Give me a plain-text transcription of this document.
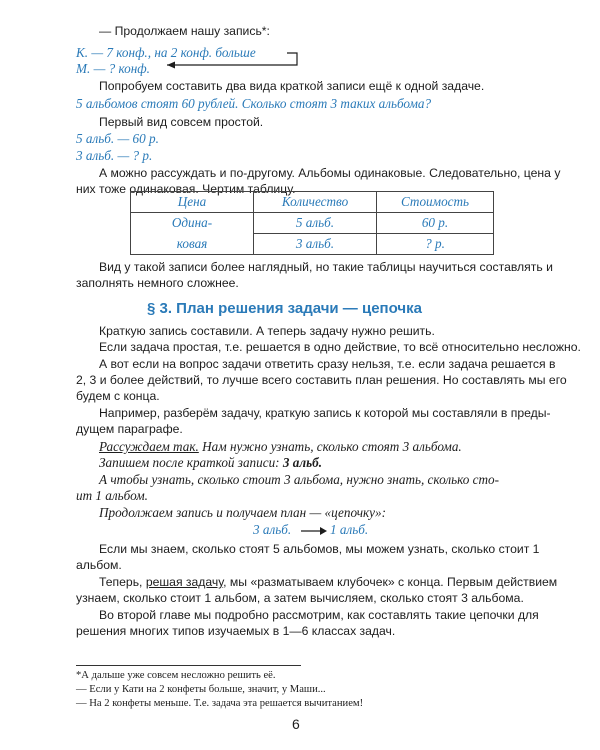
— Продолжаем нашу запись*:
К. — 7 конф., на 2 конф. больше
М. — ? конф.
Попробуем составить два вида краткой записи ещё к одной задаче.
5 альбомов стоят 60 рублей. Сколько стоят 3 таких альбома?
Первый вид совсем простой.
5 альб. — 60 р.
3 альб. — ? р.
А можно рассуждать и по-другому. Альбомы одинаковые. Следовательно, цена у
них тоже одинаковая. Чертим таблицу.
Цена	Количество	Стоимость
Одина-	5 альб.	60 р.
ковая	3 альб.	? р.
Вид у такой записи более наглядный, но такие таблицы научиться составлять и
заполнять немного сложнее.
§ 3. План решения задачи — цепочка
Краткую запись составили. А теперь задачу нужно решить.
Если задача простая, т.е. решается в одно действие, то всё относительно несложно.
А вот если на вопрос задачи ответить сразу нельзя, т.е. если задача решается в
2, 3 и более действий, то лучше всего составить план решения. Но составлять мы его
будем с конца.
Например, разберём задачу, краткую запись к которой мы составляли в преды-
дущем параграфе.
Рассуждаем так. Нам нужно узнать, сколько стоят 3 альбома.
Запишем после краткой записи: 3 альб.
А чтобы узнать, сколько стоит 3 альбома, нужно знать, сколько сто-
ит 1 альбом.
Продолжаем запись и получаем план — «цепочку»:
3 альб.	1 альб.
Если мы знаем, сколько стоят 5 альбомов, мы можем узнать, сколько стоит 1
альбом.
Теперь, решая задачу, мы «разматываем клубочек» с конца. Первым действием
узнаем, сколько стоит 1 альбом, а затем вычисляем, сколько стоят 3 альбома.
Во второй главе мы подробно рассмотрим, как составлять такие цепочки для
решения многих типов изучаемых в 1—6 классах задач.
*А дальше уже совсем несложно решить её.
— Если у Кати на 2 конфеты больше, значит, у Маши...
— На 2 конфеты меньше. Т.е. задача эта решается вычитанием!
6
